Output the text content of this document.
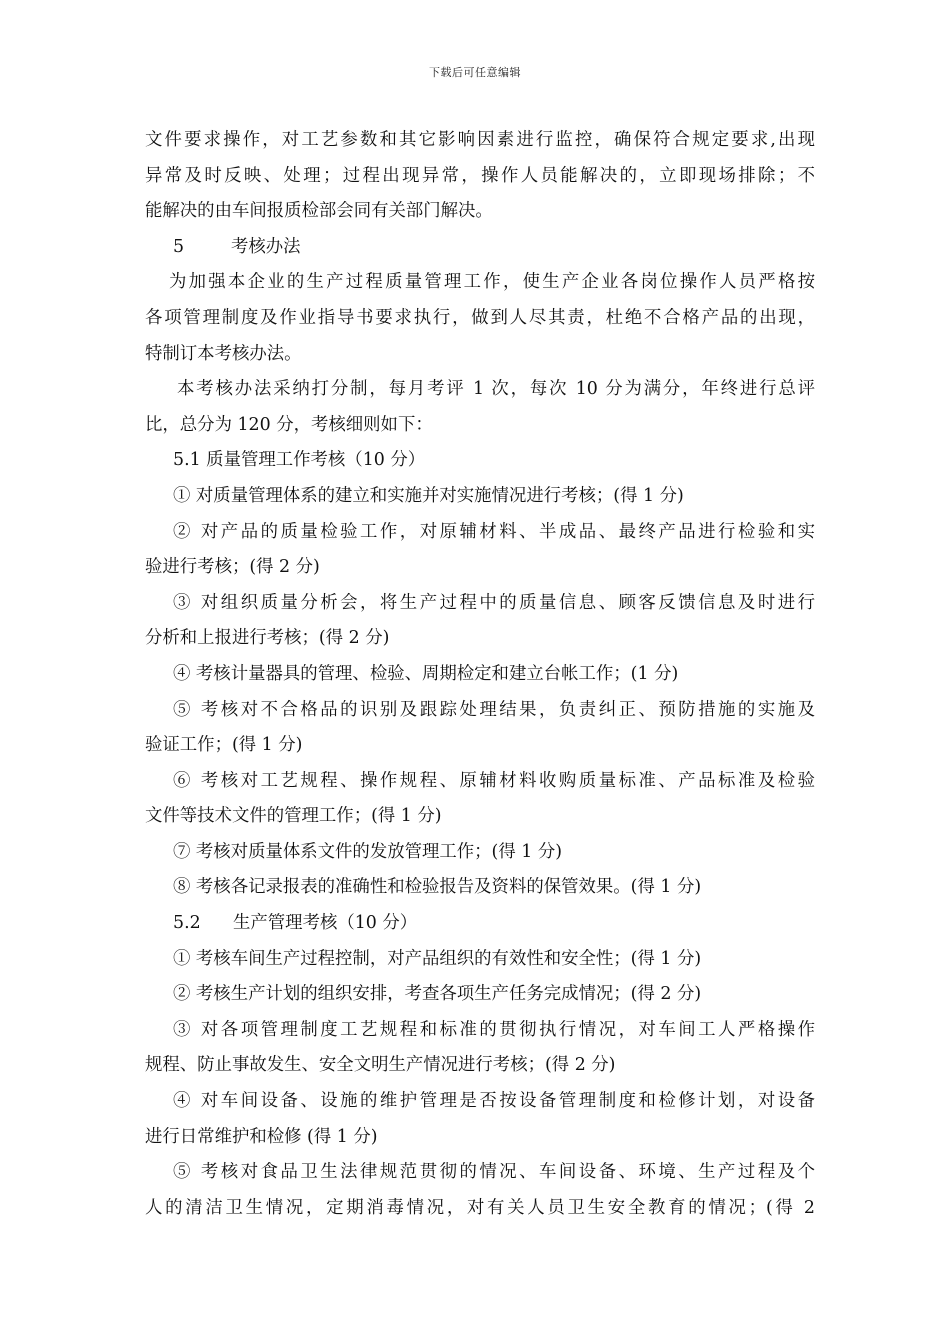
下载后可任意编辑
文件要求操作，对工艺参数和其它影响因素进行监控，确保符合规定要求,出现
异常及时反映、处理；过程出现异常，操作人员能解决的，立即现场排除；不
能解决的由车间报质检部会同有关部门解决。
5	考核办法
为加强本企业的生产过程质量管理工作，使生产企业各岗位操作人员严格按
各项管理制度及作业指导书要求执行，做到人尽其责，杜绝不合格产品的出现，
特制订本考核办法。
本考核办法采纳打分制，每月考评 1 次，每次 10 分为满分，年终进行总评
比，总分为 120 分，考核细则如下：
5.1 质量管理工作考核（10 分）
① 对质量管理体系的建立和实施并对实施情况进行考核；(得 1 分)
② 对产品的质量检验工作，对原辅材料、半成品、最终产品进行检验和实
验进行考核；(得 2 分)
③ 对组织质量分析会，将生产过程中的质量信息、顾客反馈信息及时进行
分析和上报进行考核；(得 2 分)
④ 考核计量器具的管理、检验、周期检定和建立台帐工作；(1 分)
⑤ 考核对不合格品的识别及跟踪处理结果，负责纠正、预防措施的实施及
验证工作；(得 1 分)
⑥ 考核对工艺规程、操作规程、原辅材料收购质量标准、产品标准及检验
文件等技术文件的管理工作；(得 1 分)
⑦ 考核对质量体系文件的发放管理工作；(得 1 分)
⑧ 考核各记录报表的准确性和检验报告及资料的保管效果。(得 1 分)
5.2 生产管理考核（10 分）
① 考核车间生产过程控制，对产品组织的有效性和安全性；(得 1 分)
② 考核生产计划的组织安排，考查各项生产任务完成情况；(得 2 分)
③ 对各项管理制度工艺规程和标准的贯彻执行情况，对车间工人严格操作
规程、防止事故发生、安全文明生产情况进行考核；(得 2 分)
④ 对车间设备、设施的维护管理是否按设备管理制度和检修计划，对设备
进行日常维护和检修 (得 1 分)
⑤ 考核对食品卫生法律规范贯彻的情况、车间设备、环境、生产过程及个
人的清洁卫生情况，定期消毒情况，对有关人员卫生安全教育的情况；(得 2
